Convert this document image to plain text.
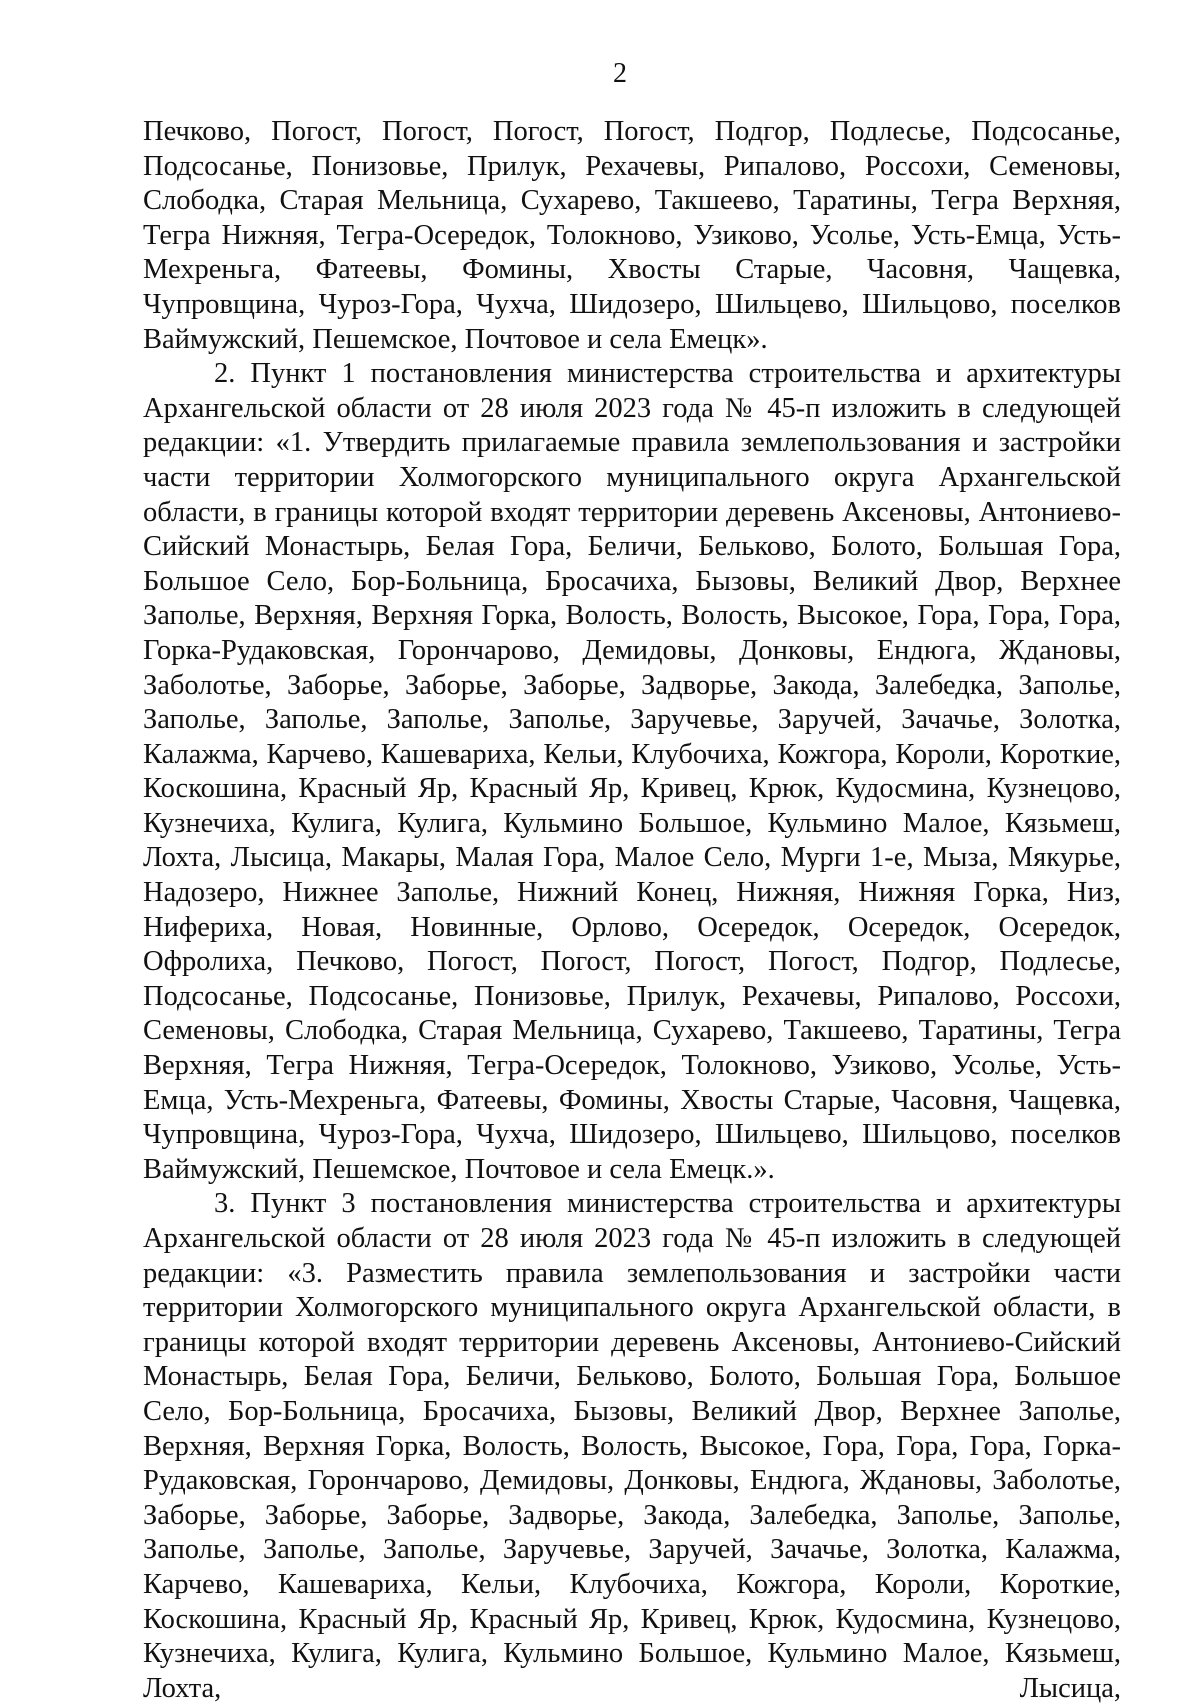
2

Печково, Погост, Погост, Погост, Погост, Подгор, Подлесье, Подсосанье, Подсосанье, Понизовье, Прилук, Рехачевы, Рипалово, Россохи, Семеновы, Слободка, Старая Мельница, Сухарево, Такшеево, Таратины, Тегра Верхняя, Тегра Нижняя, Тегра-Осередок, Толокново, Узиково, Усолье, Усть-Емца, Усть-Мехреньга, Фатеевы, Фомины, Хвосты Старые, Часовня, Чащевка, Чупровщина, Чуроз-Гора, Чухча, Шидозеро, Шильцево, Шильцово, поселков Ваймужский, Пешемское, Почтовое и села Емецк».

2. Пункт 1 постановления министерства строительства и архитектуры Архангельской области от 28 июля 2023 года № 45-п изложить в следующей редакции: «1. Утвердить прилагаемые правила землепользования и застройки части территории Холмогорского муниципального округа Архангельской области, в границы которой входят территории деревень Аксеновы, Антониево-Сийский Монастырь, Белая Гора, Беличи, Бельково, Болото, Большая Гора, Большое Село, Бор-Больница, Бросачиха, Бызовы, Великий Двор, Верхнее Заполье, Верхняя, Верхняя Горка, Волость, Волость, Высокое, Гора, Гора, Гора, Горка-Рудаковская, Горончарово, Демидовы, Донковы, Ендюга, Ждановы, Заболотье, Заборье, Заборье, Заборье, Задворье, Закода, Залебедка, Заполье, Заполье, Заполье, Заполье, Заполье, Заручевье, Заручей, Зачачье, Золотка, Калажма, Карчево, Кашевариха, Кельи, Клубочиха, Кожгора, Короли, Короткие, Коскошина, Красный Яр, Красный Яр, Кривец, Крюк, Кудосмина, Кузнецово, Кузнечиха, Кулига, Кулига, Кульмино Большое, Кульмино Малое, Кязьмеш, Лохта, Лысица, Макары, Малая Гора, Малое Село, Мурги 1-е, Мыза, Мякурье, Надозеро, Нижнее Заполье, Нижний Конец, Нижняя, Нижняя Горка, Низ, Нифериха, Новая, Новинные, Орлово, Осередок, Осередок, Осередок, Офролиха, Печково, Погост, Погост, Погост, Погост, Подгор, Подлесье, Подсосанье, Подсосанье, Понизовье, Прилук, Рехачевы, Рипалово, Россохи, Семеновы, Слободка, Старая Мельница, Сухарево, Такшеево, Таратины, Тегра Верхняя, Тегра Нижняя, Тегра-Осередок, Толокново, Узиково, Усолье, Усть-Емца, Усть-Мехреньга, Фатеевы, Фомины, Хвосты Старые, Часовня, Чащевка, Чупровщина, Чуроз-Гора, Чухча, Шидозеро, Шильцево, Шильцово, поселков Ваймужский, Пешемское, Почтовое и села Емецк.».

3. Пункт 3 постановления министерства строительства и архитектуры Архангельской области от 28 июля 2023 года № 45-п изложить в следующей редакции: «3. Разместить правила землепользования и застройки части территории Холмогорского муниципального округа Архангельской области, в границы которой входят территории деревень Аксеновы, Антониево-Сийский Монастырь, Белая Гора, Беличи, Бельково, Болото, Большая Гора, Большое Село, Бор-Больница, Бросачиха, Бызовы, Великий Двор, Верхнее Заполье, Верхняя, Верхняя Горка, Волость, Волость, Высокое, Гора, Гора, Гора, Горка-Рудаковская, Горончарово, Демидовы, Донковы, Ендюга, Ждановы, Заболотье, Заборье, Заборье, Заборье, Задворье, Закода, Залебедка, Заполье, Заполье, Заполье, Заполье, Заполье, Заручевье, Заручей, Зачачье, Золотка, Калажма, Карчево, Кашевариха, Кельи, Клубочиха, Кожгора, Короли, Короткие, Коскошина, Красный Яр, Красный Яр, Кривец, Крюк, Кудосмина, Кузнецово, Кузнечиха, Кулига, Кулига, Кульмино Большое, Кульмино Малое, Кязьмеш, Лохта, Лысица,
